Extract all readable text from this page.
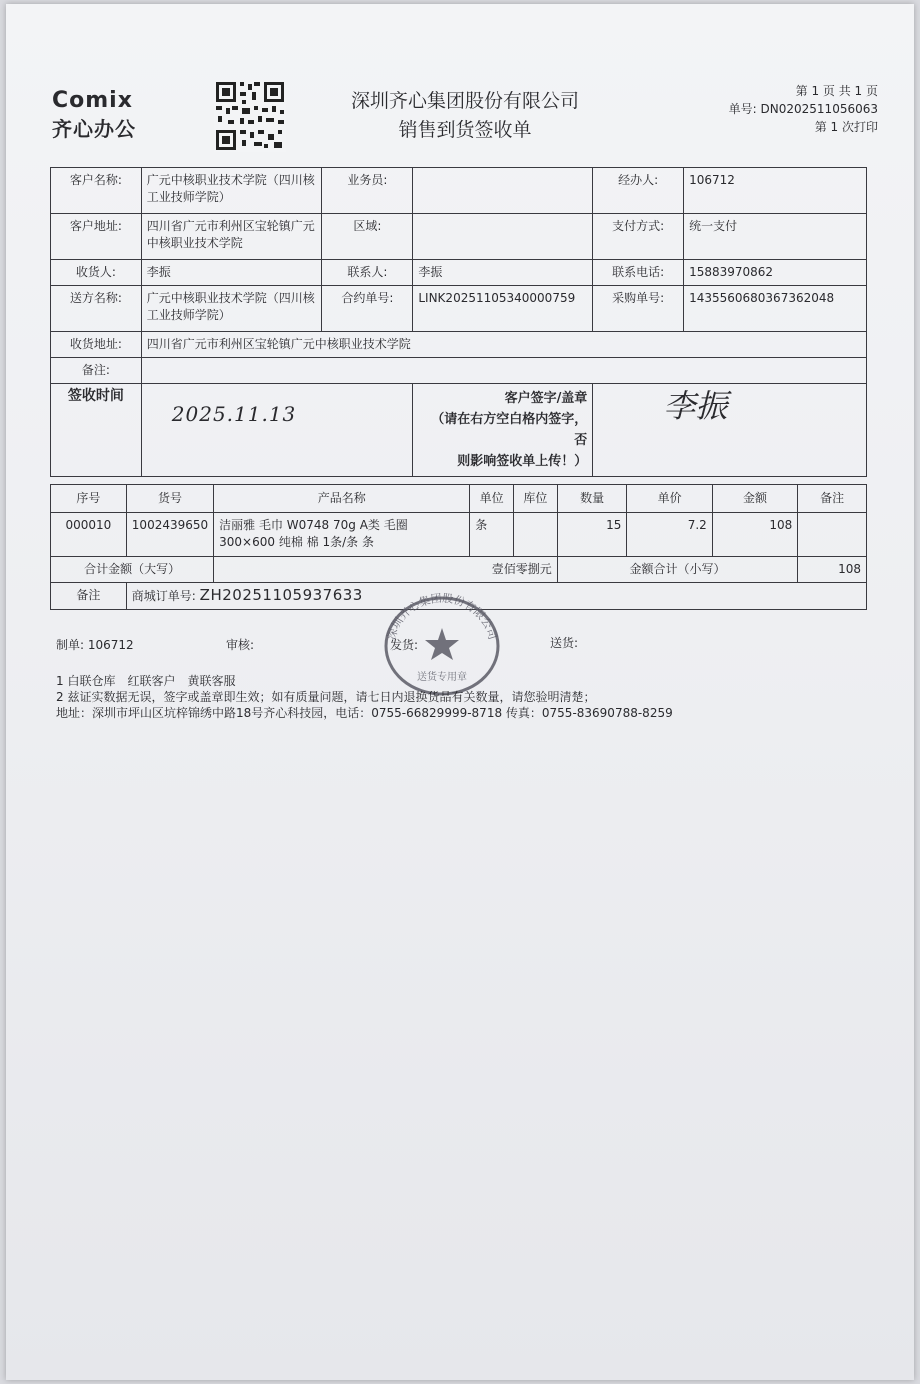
Comix
齐心办公
深圳齐心集团股份有限公司
销售到货签收单
第 1 页 共 1 页
单号: DN0202511056063
第 1 次打印
客户名称:	广元中核职业技术学院（四川核工业技师学院）	业务员:		经办人:	106712
客户地址:	四川省广元市利州区宝轮镇广元中核职业技术学院	区域:		支付方式:	统一支付
收货人:	李振	联系人:	李振	联系电话:	15883970862
送方名称:	广元中核职业技术学院（四川核工业技师学院）	合约单号:	LINK20251105340000759	采购单号:	1435560680367362048
收货地址:	四川省广元市利州区宝轮镇广元中核职业技术学院				
备注:					
签收时间	2025.11.13		客户签字/盖章
（请在右方空白格内签字，否
则影响签收单上传！）	李振	
序号	货号	产品名称	单位	库位	数量	单价	金额	备注
000010	1002439650	洁丽雅 毛巾 W0748 70g A类 毛圈 300×600 纯棉 棉 1条/条 条	条		15	7.2	108	
合计金额（大写）		壹佰零捌元			金额合计（小写）			108
备注	商城订单号: ZH20251105937633							
制单: 106712	审核:	发货:	送货:
深圳齐心集团股份有限公司
送货专用章
1 白联仓库　红联客户　黄联客服
2 兹证实数据无误，签字或盖章即生效；如有质量问题，请七日内退换货品有关数量，请您验明清楚；
地址：深圳市坪山区坑梓锦绣中路18号齐心科技园，电话：0755-66829999-8718 传真：0755-83690788-8259
